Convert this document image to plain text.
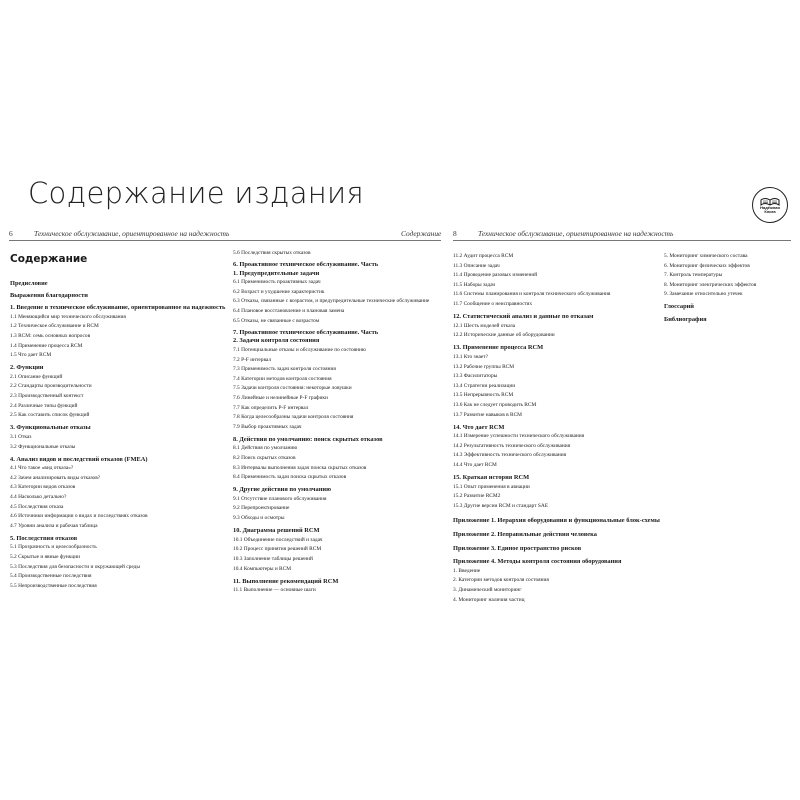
Содержание издания	Надёжная
Книга
6	Техническое обслуживание, ориентированное на надежность	Содержание 8	Техническое обслуживание, ориентированное на надежность
Содержание
Предисловие
Выражения благодарности
1. Введение в техническое обслуживание, ориентированное на надежность
1.1 Меняющийся мир технического обслуживания
1.2 Техническое обслуживание и RCM
1.3 RCM: семь основных вопросов
1.4 Применение процесса RCM
1.5 Что дает RCM
2. Функции
2.1 Описание функций
2.2 Стандарты производительности
2.3 Производственный контекст
2.4 Различные типы функций
2.5 Как составить список функций
3. Функциональные отказы
3.1 Отказ
3.2 Функциональные отказы
4. Анализ видов и последствий отказов (FMEA)
4.1 Что такое «вид отказа»?
4.2 Зачем анализировать виды отказов?
4.3 Категории видов отказов
4.4 Насколько детально?
4.5 Последствия отказа
4.6 Источники информации о видах и последствиях отказов
4.7 Уровни анализа и рабочая таблица
5. Последствия отказов
5.1 Прозрачность и целесообразность
5.2 Скрытые и явные функции
5.3 Последствия для безопасности и окружающей среды
5.4 Производственные последствия
5.5 Непроизводственные последствия
5.6 Последствия скрытых отказов
6. Проактивное техническое обслуживание. Часть 1. Предупредительные задачи
6.1 Применимость проактивных задач
6.2 Возраст и ухудшение характеристик
6.3 Отказы, связанные с возрастом, и предупредительные технические обслуживание
6.4 Плановое восстановление и плановая замена
6.5 Отказы, не связанные с возрастом
7. Проактивное техническое обслуживание. Часть 2. Задачи контроля состояния
7.1 Потенциальные отказы и обслуживание по состоянию
7.2 P-F интервал
7.3 Применимость задач контроля состояния
7.4 Категории методов контроля состояния
7.5 Задачи контроля состояния: некоторые ловушки
7.6 Линейные и нелинейные P-F графики
7.7 Как определить P-F интервал
7.8 Когда целесообразны задачи контроля состояния
7.9 Выбор проактивных задач
8. Действия по умолчанию: поиск скрытых отказов
8.1 Действия по умолчанию
8.2 Поиск скрытых отказов
8.3 Интервалы выполнения задач поиска скрытых отказов
8.4 Применимость задач поиска скрытых отказов
9. Другие действия по умолчанию
9.1 Отсутствие планового обслуживания
9.2 Перепроектирование
9.3 Обходы и осмотры
10. Диаграмма решений RCM
10.1 Объединение последствий и задач
10.2 Процесс принятия решений RCM
10.3 Заполнение таблицы решений
10.4 Компьютеры и RCM
11. Выполнение рекомендаций RCM
11.1 Выполнение — основные шаги
11.2 Аудит процесса RCM
11.3 Описание задач
11.4 Проведение разовых изменений
11.5 Наборы задач
11.6 Системы планирования и контроля технического обслуживания
11.7 Сообщение о неисправностях
12. Статистический анализ и данные по отказам
12.1 Шесть моделей отказа
12.2 Исторические данные об оборудовании
13. Применение процесса RCM
13.1 Кто знает?
13.2 Рабочие группы RCM
13.3 Фасилитаторы
13.4 Стратегии реализации
13.5 Непрерывность RCM
13.6 Как не следует проводить RCM
13.7 Развитие навыков в RCM
14. Что дает RCM
14.1 Измерение успешности технического обслуживания
14.2 Результативность технического обслуживания
14.3 Эффективность технического обслуживания
14.4 Что дает RCM
15. Краткая история RCM
15.1 Опыт применения в авиации
15.2 Развитие RCM2
15.3 Другие версии RCM и стандарт SAE
Приложение 1. Иерархия оборудования и функциональные блок-схемы
Приложение 2. Неправильные действия человека
Приложение 3. Единое пространство рисков
Приложение 4. Методы контроля состояния оборудования
1. Введение
2. Категории методов контроля состояния
3. Динамический мониторинг
4. Мониторинг наличия частиц
5. Мониторинг химического состава
6. Мониторинг физических эффектов
7. Контроль температуры
8. Мониторинг электрических эффектов
9. Замечание относительно утечек
Глоссарий
Библиография
